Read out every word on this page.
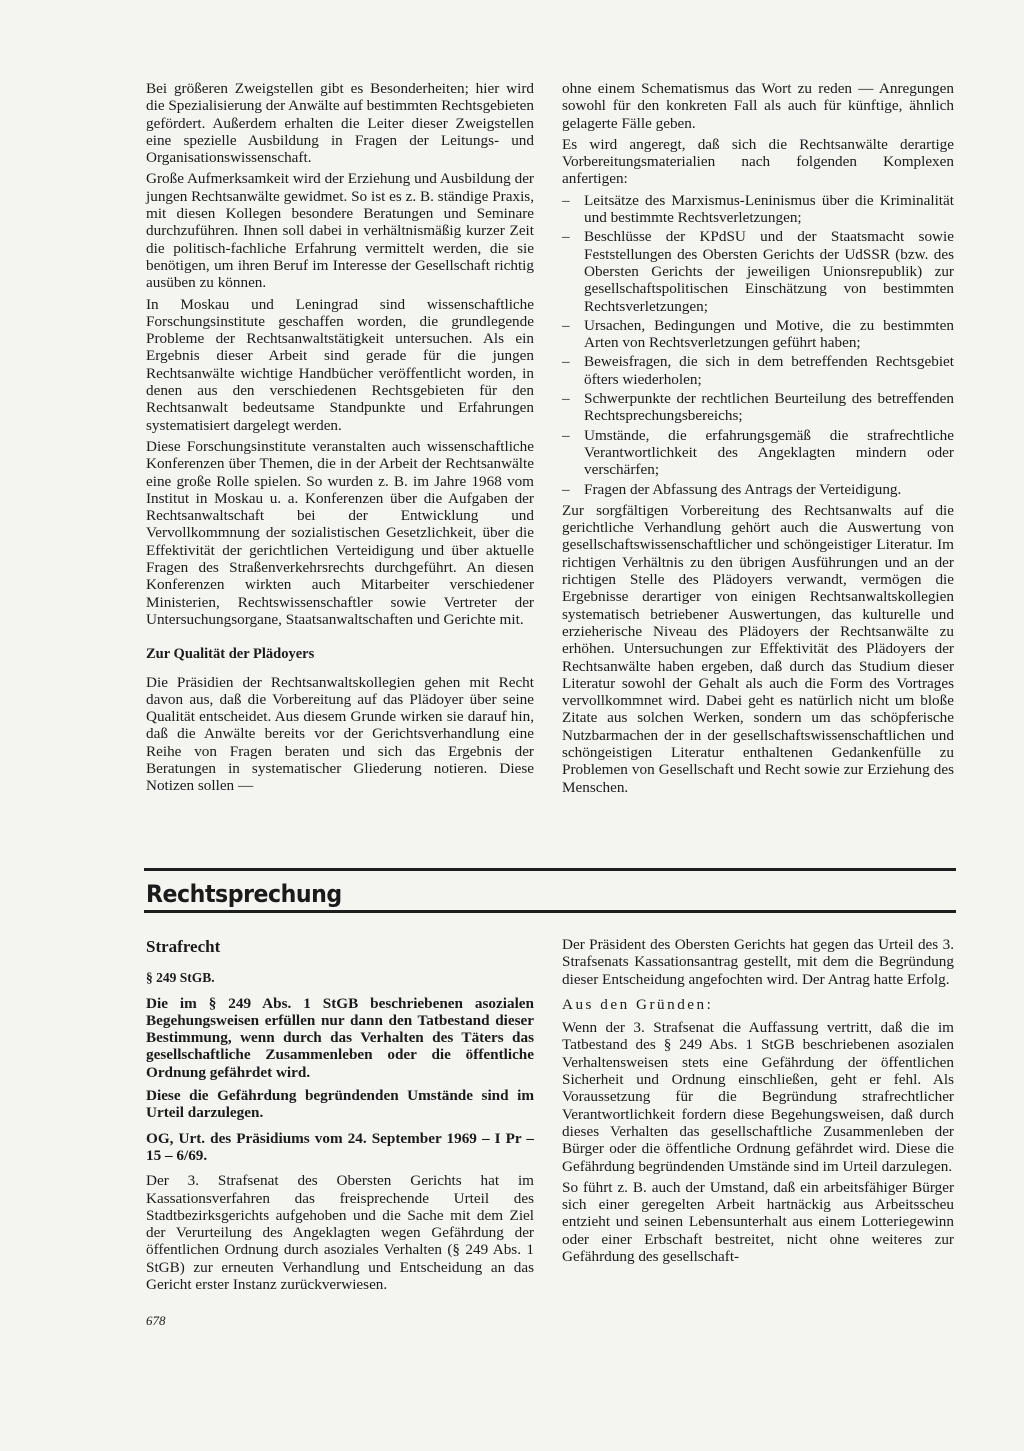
Bei größeren Zweigstellen gibt es Besonderheiten; hier wird die Spezialisierung der Anwälte auf bestimmten Rechtsgebieten gefördert. Außerdem erhalten die Leiter dieser Zweigstellen eine spezielle Ausbildung in Fragen der Leitungs- und Organisationswissenschaft.

Große Aufmerksamkeit wird der Erziehung und Ausbildung der jungen Rechtsanwälte gewidmet. So ist es z. B. ständige Praxis, mit diesen Kollegen besondere Beratungen und Seminare durchzuführen. Ihnen soll dabei in verhältnismäßig kurzer Zeit die politisch-fachliche Erfahrung vermittelt werden, die sie benötigen, um ihren Beruf im Interesse der Gesellschaft richtig ausüben zu können.

In Moskau und Leningrad sind wissenschaftliche Forschungsinstitute geschaffen worden, die grundlegende Probleme der Rechtsanwaltstätigkeit untersuchen. Als ein Ergebnis dieser Arbeit sind gerade für die jungen Rechtsanwälte wichtige Handbücher veröffentlicht worden, in denen aus den verschiedenen Rechtsgebieten für den Rechtsanwalt bedeutsame Standpunkte und Erfahrungen systematisiert dargelegt werden.

Diese Forschungsinstitute veranstalten auch wissenschaftliche Konferenzen über Themen, die in der Arbeit der Rechtsanwälte eine große Rolle spielen. So wurden z. B. im Jahre 1968 vom Institut in Moskau u. a. Konferenzen über die Aufgaben der Rechtsanwaltschaft bei der Entwicklung und Vervollkommnung der sozialistischen Gesetzlichkeit, über die Effektivität der gerichtlichen Verteidigung und über aktuelle Fragen des Straßenverkehrsrechts durchgeführt. An diesen Konferenzen wirkten auch Mitarbeiter verschiedener Ministerien, Rechtswissenschaftler sowie Vertreter der Untersuchungsorgane, Staatsanwaltschaften und Gerichte mit.

Zur Qualität der Plädoyers

Die Präsidien der Rechtsanwaltskollegien gehen mit Recht davon aus, daß die Vorbereitung auf das Plädoyer über seine Qualität entscheidet. Aus diesem Grunde wirken sie darauf hin, daß die Anwälte bereits vor der Gerichtsverhandlung eine Reihe von Fragen beraten und sich das Ergebnis der Beratungen in systematischer Gliederung notieren. Diese Notizen sollen —

ohne einem Schematismus das Wort zu reden — Anregungen sowohl für den konkreten Fall als auch für künftige, ähnlich gelagerte Fälle geben.

Es wird angeregt, daß sich die Rechtsanwälte derartige Vorbereitungsmaterialien nach folgenden Komplexen anfertigen:

– Leitsätze des Marxismus-Leninismus über die Kriminalität und bestimmte Rechtsverletzungen;
– Beschlüsse der KPdSU und der Staatsmacht sowie Feststellungen des Obersten Gerichts der UdSSR (bzw. des Obersten Gerichts der jeweiligen Unionsrepublik) zur gesellschaftspolitischen Einschätzung von bestimmten Rechtsverletzungen;
– Ursachen, Bedingungen und Motive, die zu bestimmten Arten von Rechtsverletzungen geführt haben;
– Beweisfragen, die sich in dem betreffenden Rechtsgebiet öfters wiederholen;
– Schwerpunkte der rechtlichen Beurteilung des betreffenden Rechtsprechungsbereichs;
– Umstände, die erfahrungsgemäß die strafrechtliche Verantwortlichkeit des Angeklagten mindern oder verschärfen;
– Fragen der Abfassung des Antrags der Verteidigung.

Zur sorgfältigen Vorbereitung des Rechtsanwalts auf die gerichtliche Verhandlung gehört auch die Auswertung von gesellschaftswissenschaftlicher und schöngeistiger Literatur. Im richtigen Verhältnis zu den übrigen Ausführungen und an der richtigen Stelle des Plädoyers verwandt, vermögen die Ergebnisse derartiger von einigen Rechtsanwaltskollegien systematisch betriebener Auswertungen, das kulturelle und erzieherische Niveau des Plädoyers der Rechtsanwälte zu erhöhen. Untersuchungen zur Effektivität des Plädoyers der Rechtsanwälte haben ergeben, daß durch das Studium dieser Literatur sowohl der Gehalt als auch die Form des Vortrages vervollkommnet wird. Dabei geht es natürlich nicht um bloße Zitate aus solchen Werken, sondern um das schöpferische Nutzbarmachen der in der gesellschaftswissenschaftlichen und schöngeistigen Literatur enthaltenen Gedankenfülle zu Problemen von Gesellschaft und Recht sowie zur Erziehung des Menschen.

Rechtsprechung

Strafrecht

§ 249 StGB.

Die im § 249 Abs. 1 StGB beschriebenen asozialen Begehungsweisen erfüllen nur dann den Tatbestand dieser Bestimmung, wenn durch das Verhalten des Täters das gesellschaftliche Zusammenleben oder die öffentliche Ordnung gefährdet wird.

Diese die Gefährdung begründenden Umstände sind im Urteil darzulegen.

OG, Urt. des Präsidiums vom 24. September 1969 – I Pr – 15 – 6/69.

Der 3. Strafsenat des Obersten Gerichts hat im Kassationsverfahren das freisprechende Urteil des Stadtbezirksgerichts aufgehoben und die Sache mit dem Ziel der Verurteilung des Angeklagten wegen Gefährdung der öffentlichen Ordnung durch asoziales Verhalten (§ 249 Abs. 1 StGB) zur erneuten Verhandlung und Entscheidung an das Gericht erster Instanz zurückverwiesen.

Der Präsident des Obersten Gerichts hat gegen das Urteil des 3. Strafsenats Kassationsantrag gestellt, mit dem die Begründung dieser Entscheidung angefochten wird. Der Antrag hatte Erfolg.

Aus den Gründen:

Wenn der 3. Strafsenat die Auffassung vertritt, daß die im Tatbestand des § 249 Abs. 1 StGB beschriebenen asozialen Verhaltensweisen stets eine Gefährdung der öffentlichen Sicherheit und Ordnung einschließen, geht er fehl. Als Voraussetzung für die Begründung strafrechtlicher Verantwortlichkeit fordern diese Begehungsweisen, daß durch dieses Verhalten das gesellschaftliche Zusammenleben der Bürger oder die öffentliche Ordnung gefährdet wird. Diese die Gefährdung begründenden Umstände sind im Urteil darzulegen.

So führt z. B. auch der Umstand, daß ein arbeitsfähiger Bürger sich einer geregelten Arbeit hartnäckig aus Arbeitsscheu entzieht und seinen Lebensunterhalt aus einem Lotteriegewinn oder einer Erbschaft bestreitet, nicht ohne weiteres zur Gefährdung des gesellschaft-

678
